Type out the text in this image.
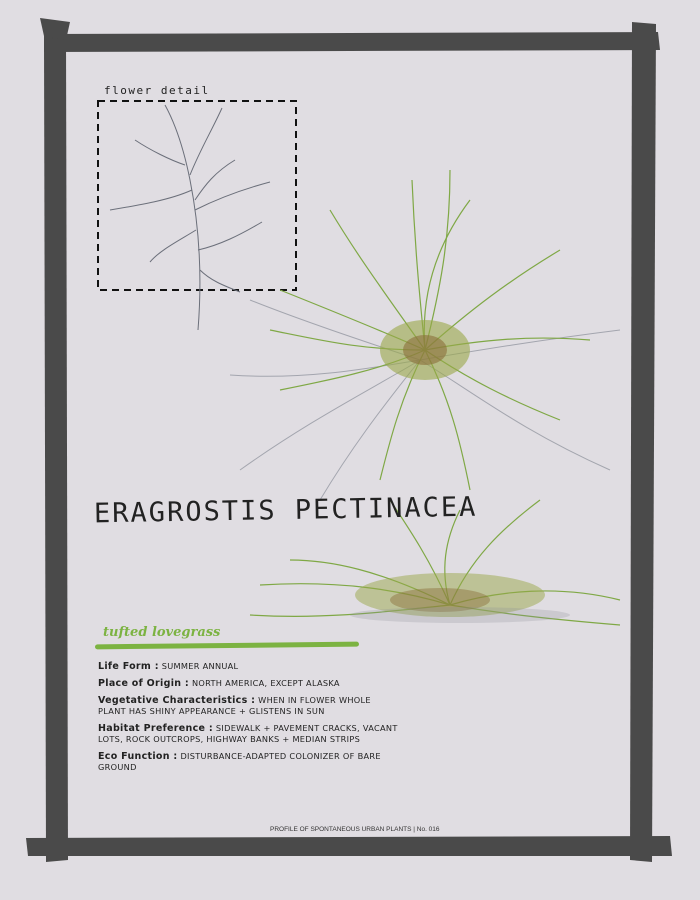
flower detail
ERAGROSTIS PECTINACEA
tufted lovegrass
Life Form : SUMMER ANNUAL
Place of Origin : NORTH AMERICA, EXCEPT ALASKA
Vegetative Characteristics : WHEN IN FLOWER WHOLE PLANT HAS SHINY APPEARANCE + GLISTENS IN SUN
Habitat Preference : SIDEWALK + PAVEMENT CRACKS, VACANT LOTS, ROCK OUTCROPS, HIGHWAY BANKS + MEDIAN STRIPS
Eco Function : DISTURBANCE-ADAPTED COLONIZER OF BARE GROUND
PROFILE OF SPONTANEOUS URBAN PLANTS | No. 016
